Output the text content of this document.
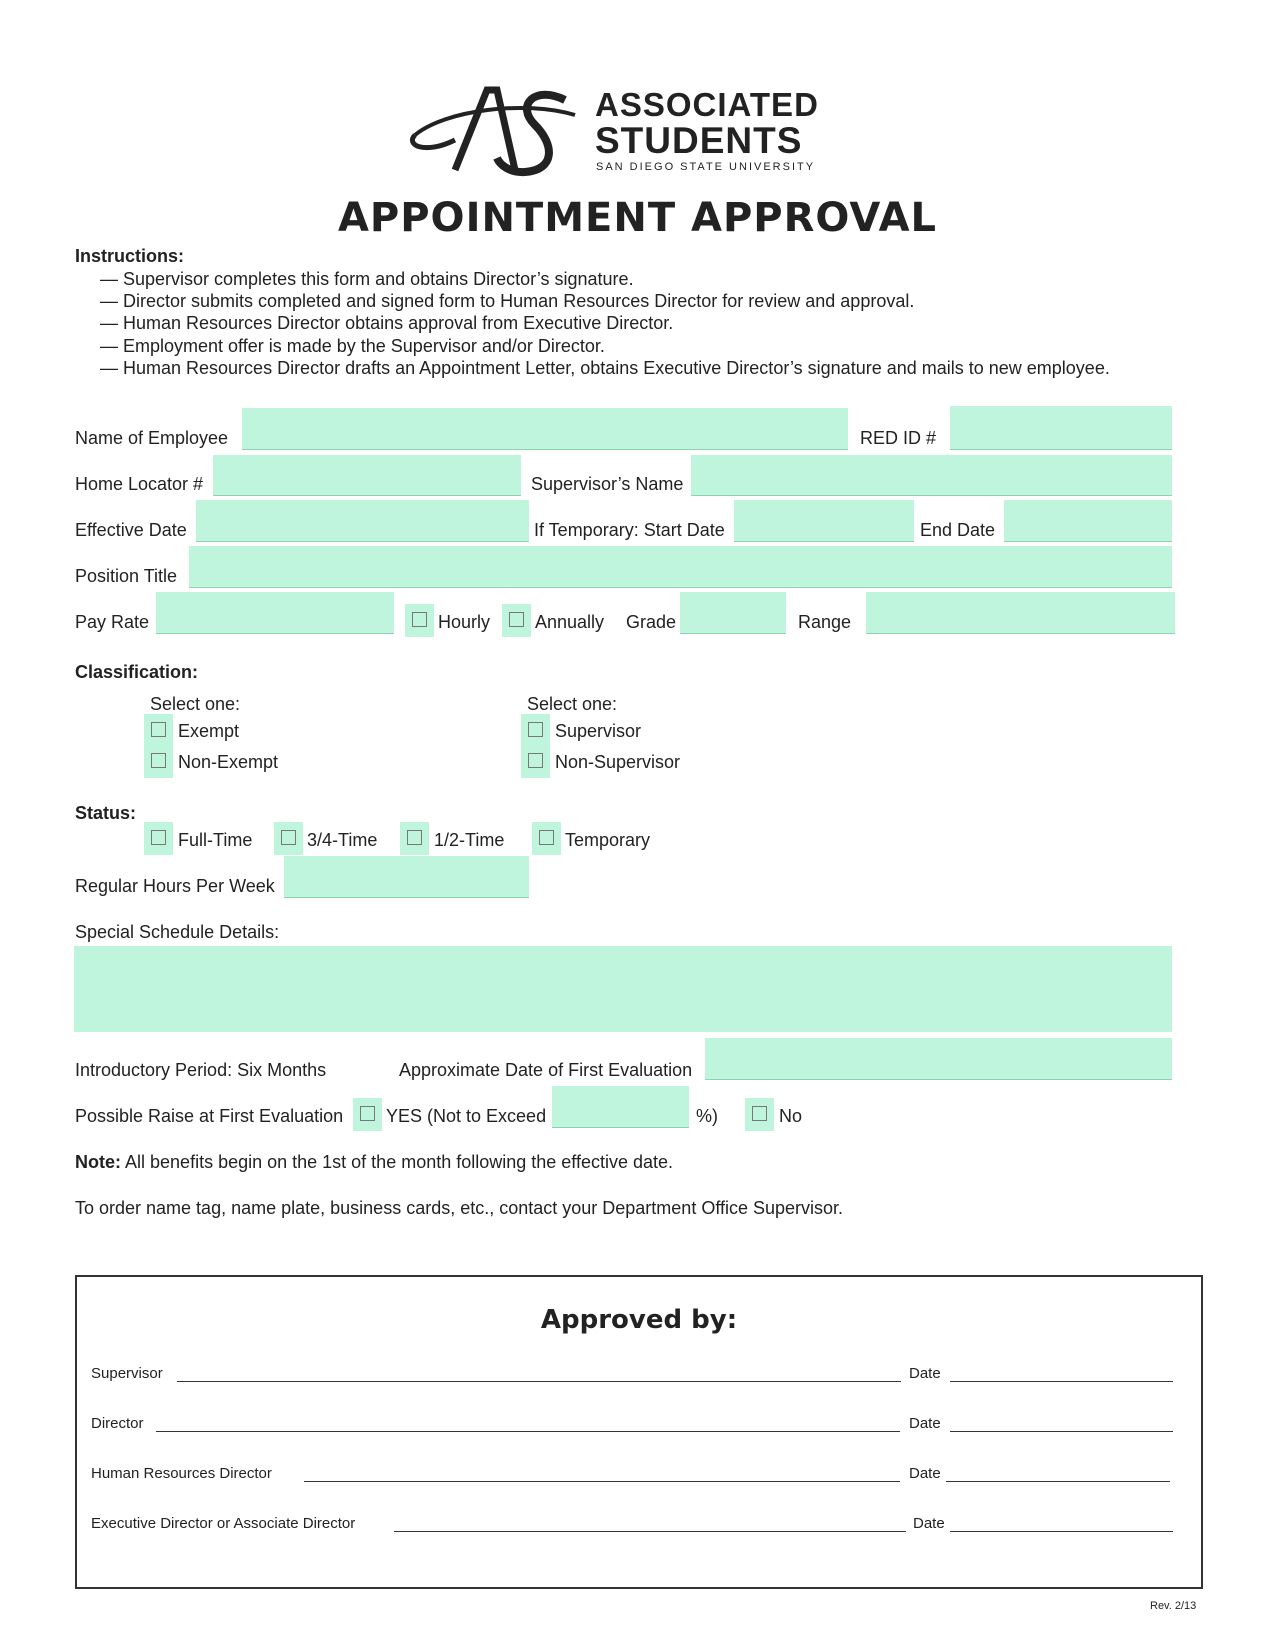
ASSOCIATED
STUDENTS
SAN DIEGO STATE UNIVERSITY
APPOINTMENT APPROVAL
Instructions:
— Supervisor completes this form and obtains Director’s signature.
— Director submits completed and signed form to Human Resources Director for review and approval.
— Human Resources Director obtains approval from Executive Director.
— Employment offer is made by the Supervisor and/or Director.
— Human Resources Director drafts an Appointment Letter, obtains Executive Director’s signature and mails to new employee.
Name of Employee	RED ID #
Home Locator #	Supervisor’s Name
Effective Date	If Temporary: Start Date	End Date
Position Title
Pay Rate	Hourly Annually Grade	Range
Classification:
Select one:
Exempt
Non-Exempt
Select one:
Supervisor
Non-Supervisor
Status:
Full-Time	3/4-Time	1/2-Time	Temporary
Regular Hours Per Week
Special Schedule Details:
Introductory Period: Six Months	Approximate Date of First Evaluation
Possible Raise at First Evaluation YES (Not to Exceed	%)	No
Note: All benefits begin on the 1st of the month following the effective date.
To order name tag, name plate, business cards, etc., contact your Department Office Supervisor.
Approved by:
Supervisor	Date
Director	Date
Human Resources Director	Date
Executive Director or Associate Director	Date
Rev. 2/13
